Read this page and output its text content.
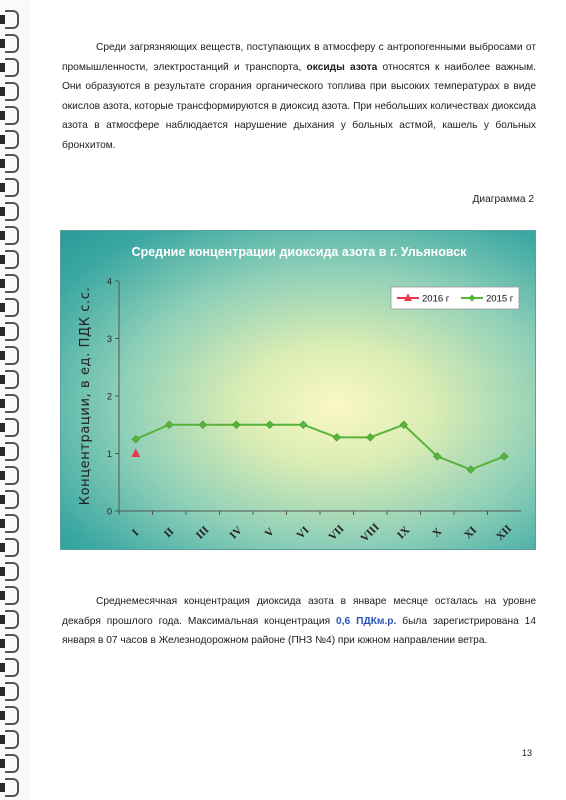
Среди загрязняющих веществ, поступающих в атмосферу с антропогенными выбросами от промышленности, электростанций и транспорта, оксиды азота относятся к наиболее важным. Они образуются в результате сгорания органического топлива при высоких температурах в виде окислов азота, которые трансформируются в диоксид азота. При небольших количествах диоксида азота в атмосфере наблюдается нарушение дыхания у больных астмой, кашель у больных бронхитом.

Диаграмма 2
Средние концентрации диоксида азота в г. Ульяновск
Концентрации, в ед. ПДК с.с.
0
1
2
3
4
I II III IV V VI VII VIII IX X XI XII
2016 г	2015 г

Среднемесячная концентрация диоксида азота в январе месяце осталась на уровне декабря прошлого года. Максимальная концентрация 0,6 ПДКм.р. была зарегистрирована 14 января в 07 часов в Железнодорожном районе (ПНЗ №4) при южном направлении ветра.

13
